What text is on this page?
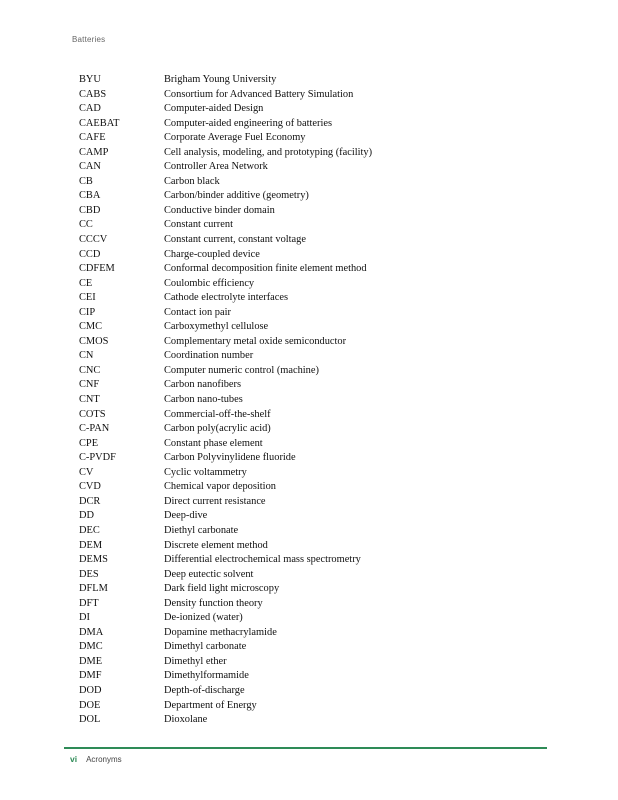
Batteries
BYU	Brigham Young University
CABS	Consortium for Advanced Battery Simulation
CAD	Computer-aided Design
CAEBAT	Computer-aided engineering of batteries
CAFE	Corporate Average Fuel Economy
CAMP	Cell analysis, modeling, and prototyping (facility)
CAN	Controller Area Network
CB	Carbon black
CBA	Carbon/binder additive (geometry)
CBD	Conductive binder domain
CC	Constant current
CCCV	Constant current, constant voltage
CCD	Charge-coupled device
CDFEM	Conformal decomposition finite element method
CE	Coulombic efficiency
CEI	Cathode electrolyte interfaces
CIP	Contact ion pair
CMC	Carboxymethyl cellulose
CMOS	Complementary metal oxide semiconductor
CN	Coordination number
CNC	Computer numeric control (machine)
CNF	Carbon nanofibers
CNT	Carbon nano-tubes
COTS	Commercial-off-the-shelf
C-PAN	Carbon poly(acrylic acid)
CPE	Constant phase element
C-PVDF	Carbon Polyvinylidene fluoride
CV	Cyclic voltammetry
CVD	Chemical vapor deposition
DCR	Direct current resistance
DD	Deep-dive
DEC	Diethyl carbonate
DEM	Discrete element method
DEMS	Differential electrochemical mass spectrometry
DES	Deep eutectic solvent
DFLM	Dark field light microscopy
DFT	Density function theory
DI	De-ionized (water)
DMA	Dopamine methacrylamide
DMC	Dimethyl carbonate
DME	Dimethyl ether
DMF	Dimethylformamide
DOD	Depth-of-discharge
DOE	Department of Energy
DOL	Dioxolane
vi Acronyms
